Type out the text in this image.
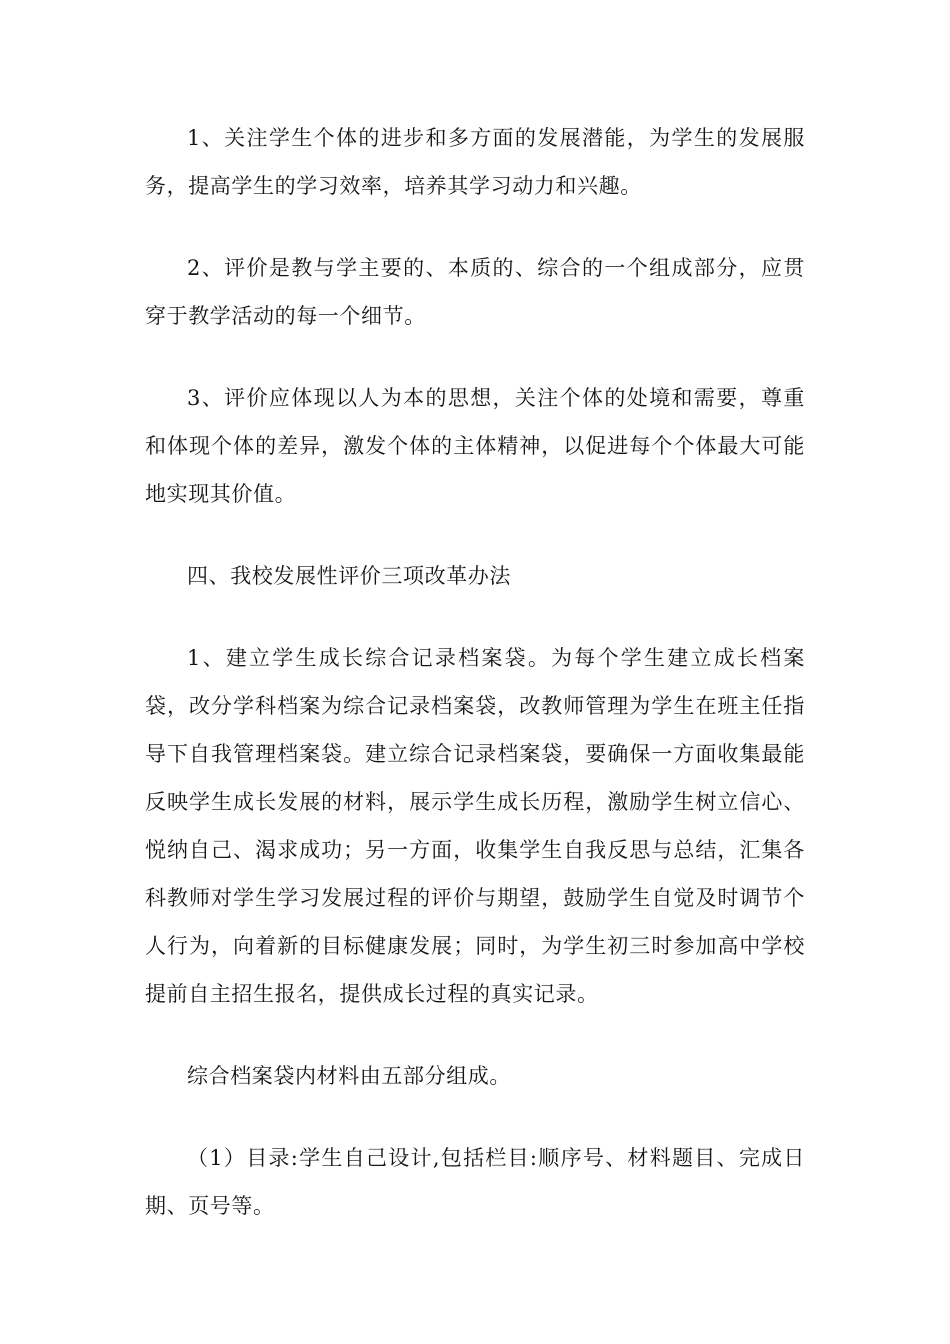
1、关注学生个体的进步和多方面的发展潜能，为学生的发展服务，提高学生的学习效率，培养其学习动力和兴趣。

2、评价是教与学主要的、本质的、综合的一个组成部分，应贯穿于教学活动的每一个细节。

3、评价应体现以人为本的思想，关注个体的处境和需要，尊重和体现个体的差异，激发个体的主体精神，以促进每个个体最大可能地实现其价值。

四、我校发展性评价三项改革办法

1、建立学生成长综合记录档案袋。为每个学生建立成长档案袋，改分学科档案为综合记录档案袋，改教师管理为学生在班主任指导下自我管理档案袋。建立综合记录档案袋，要确保一方面收集最能反映学生成长发展的材料，展示学生成长历程，激励学生树立信心、悦纳自己、渴求成功；另一方面，收集学生自我反思与总结，汇集各科教师对学生学习发展过程的评价与期望，鼓励学生自觉及时调节个人行为，向着新的目标健康发展；同时，为学生初三时参加高中学校提前自主招生报名，提供成长过程的真实记录。

综合档案袋内材料由五部分组成。

（1）目录:学生自己设计,包括栏目:顺序号、材料题目、完成日期、页号等。
